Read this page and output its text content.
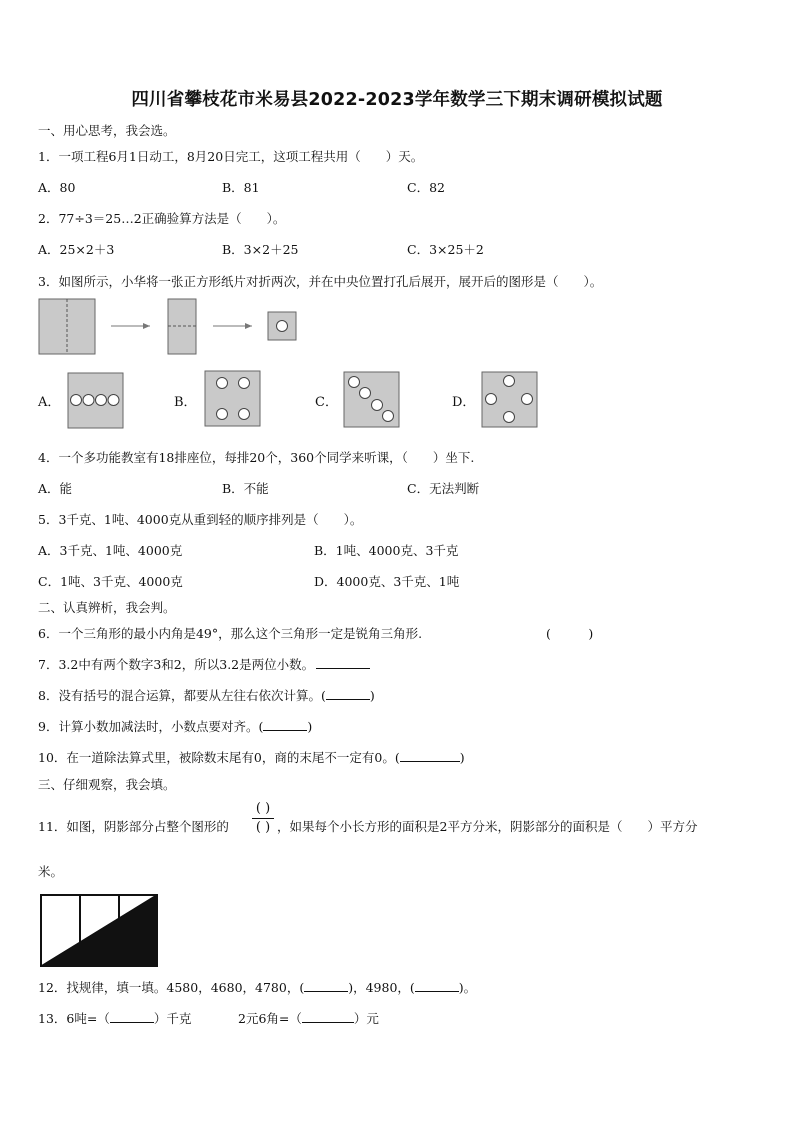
四川省攀枝花市米易县2022-2023学年数学三下期末调研模拟试题
一、用心思考，我会选。
1．一项工程6月1日动工，8月20日完工，这项工程共用（　　）天。
A．80	B．81	C．82
2．77÷3＝25…2正确验算方法是（　　）。
A．25×2＋3	B．3×2＋25	C．3×25＋2
3．如图所示，小华将一张正方形纸片对折两次，并在中央位置打孔后展开，展开后的图形是（　　）。
A．	B．	C．	D．
4．一个多功能教室有18排座位，每排20个，360个同学来听课，（　　）坐下.
A．能	B．不能	C．无法判断
5．3千克、1吨、4000克从重到轻的顺序排列是（　　）。
A．3千克、1吨、4000克	B．1吨、4000克、3千克
C．1吨、3千克、4000克	D．4000克、3千克、1吨
二、认真辨析，我会判。
6．一个三角形的最小内角是49°，那么这个三角形一定是锐角三角形.	(　　　)
7．3.2中有两个数字3和2，所以3.2是两位小数。
8．没有括号的混合运算，都要从左往右依次计算。(	)
9．计算小数加减法时，小数点要对齐。(	)
10．在一道除法算式里，被除数末尾有0，商的末尾不一定有0。(	)
三、仔细观察，我会填。
11．如图，阴影部分占整个图形的
( )
( ) ，如果每个小长方形的面积是2平方分米，阴影部分的面积是（　　）平方分
米。
12．找规律，填一填。4580，4680，4780，(	)，4980，(	)。
13．6吨=（	）千克	2元6角=（	）元
